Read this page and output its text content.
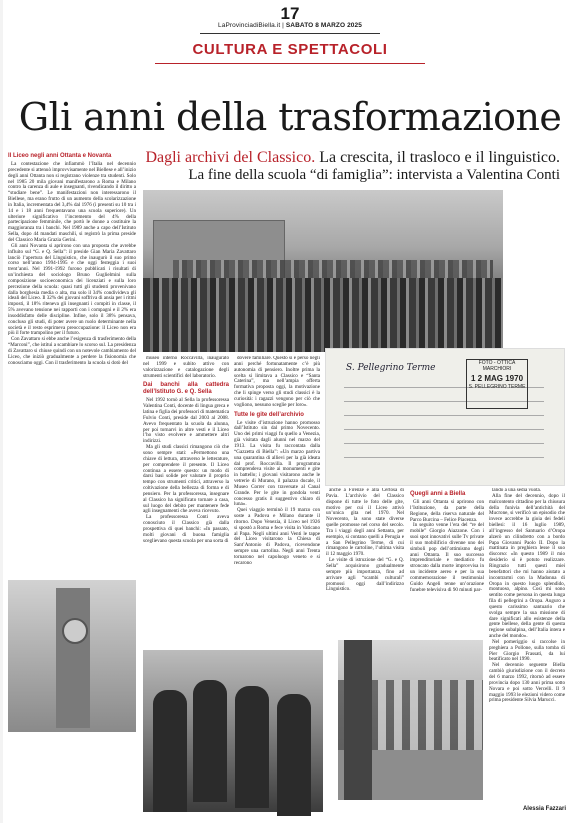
17
LaProvinciadiBiella.it | SABATO 8 MARZO 2025
CULTURA E SPETTACOLI
Gli anni della trasformazione
Dagli archivi del Classico. La crescita, il trasloco e il linguistico.
La fine della scuola “di famiglia”: intervista a Valentina Conti
Il Liceo negli anni Ottanta e Novanta

La contestazione che infiammò l’Italia nel decennio precedente si attenuò improvvisamente nel Biellese e all’inizio degli anni Ottanta non si registrano violenze tra studenti. Solo nel 1985 20 mila giovani manifestarono a Roma e Milano contro la carenza di aule e insegnanti, rivendicando il diritto a “studiare bene”. Le manifestazioni non interessarono il Biellese, ma erano frutto di un aumento della scolarizzazione in Italia, incrementata del 3,4% dal 1976 (i presenti su 10 tra i 14 e i 18 anni frequentavano una scuola superiore). Un ulteriore significativo l’incremento del 4% della partecipazione femminile, che portò le donne a costituire la maggioranza tra i banchi. Nel 1989 anche a capo dell’Istituto Sella, dopo 44 mandati maschili, si registrò la prima preside del Classico Maria Grazia Gerini.

Gli anni Novanta si aprirono con una proposta che avrebbe influito sul “G. e Q. Sella”: il preside Gian Maria Zavattaro lanciò l’apertura del Linguistico, che inaugurò il suo primo corso nell’anno 1994-1995 e che oggi festeggia i suoi trent’anni. Nel 1991-1992 furono pubblicati i risultati di un’inchiesta del sociologo Bruno Guglielmini sulla composizione socioeconomica dei licenziati e sulla loro percezione della scuola: quasi tutti gli studenti provenivano dalla borghesia media o alta, ma solo il 34% condivideva gli ideali del Liceo. Il 32% dei giovani soffriva di ansia per i ritmi imposti, il 18% riteneva gli insegnanti i compiti in classe, il 5% avevano tensione nei rapporti con i compagni e il 2% era insoddisfatto delle discipline. Infine, solo il 38% pensava, concluso gli studi, di poter avere un ruolo determinante nella società e il resto esprimeva preoccupazione: il Liceo non era più il forte trampolino per il futuro.

Con Zavattaro si ebbe anche l’esigenza di trasferimento della “Marconi”, che istituì a scambiare lo scorso sul. La presidenza di Zavattaro si chiuse quindi con un notevole cambiamento del Liceo, che iniziò gradualmente a perdere la fisionomia che conosciamo oggi. Con il trasferimento la scuola si dotò del

museo interno Roccavilla, inaugurato nel 1999 e subito attivo con valorizzazione e catalogazione degli strumenti scientifici del laboratorio.

Dai banchi alla cattedra dell’Istituto G. e Q. Sella

Nel 1992 tornò al Sella la professoressa Valentina Conti, docente di lingua greca e latina e figlia dei professori di matematica Fulvio Conti, preside dal 2003 al 2008. Avevo frequentato la scuola da alunna, per poi tornarvi in altre vesti e il Liceo l’ho visto evolvere e ammettere altri indirizzi.

Ma gli studi classici rimangono ciò che sono sempre stati: «Permettono una chiave di lettura, attraverso le letterature, per comprendere il presente. Il Liceo continua a essere questo: un modo di darsi basi solide per valutare il proprio tempo con strumenti critici, attraverso la coltivazione della bellezza di forma e di pensiero. Per la professoressa, insegnare al Classico ha significato tornare a casa, sul luogo del debito per mantenere fede agli insegnamenti che aveva ricevuto.

La professoressa Conti aveva conosciuto il Classico già dalla prospettiva di quei banchi: «In passato, molti giovani di buona famiglia sceglievano questa scuola per una sorta di

dovere familiare. Questo si è perso negli anni perché fortunatamente c’è più autonomia di pensiero. Inoltre prima la scelta si limitava a Classico e “Santa Caterina”, ma nell’ampia offerta formativa proposta oggi, la motivazione che li spinge verso gli studi classici è la curiosità: i ragazzi vengono per ciò che vogliono, nessuno sceglie per loro».

Tutte le gite dell’archivio

Le visite d’istruzione hanno promosso dall’Istituto sin dal primo Novecento. Uno dei primi viaggi fu quello a Venezia, già visitata dagli alunni nel marzo del 1913. La visita fu raccontata dalla “Gazzetta di Biella”: «Un marzo partiva una quarantina di allievi per la già ideata dal prof. Roccavilla. Il programma comprendeva visite ai monumenti e gite in battello; i giovani visitarono anche le vetrerie di Murano, il palazzo ducale, il Museo Correr con traversate al Canal Grande. Per le gite in gondola venti concesso gratis il suggestivo chiaro di luna».

Quei viaggio terminò il 19 marzo con soste a Padova e Milano durante il ritorno. Dopo Venezia, il Liceo nel 1926 si spostò a Roma e fece visita in Vaticano al Papa. Negli ultimi anni Venti le tappe del Liceo visitarono la Chiesa di Sant’Antonio di Padova, ricevendone sempre una cartolina. Negli anni Trenta tornarono nel capoluogo veneto e si recarono

S. Pellegrino Terme	FOTO - OTTICA
MARCHIORI
1 2 MAG 1970
S. PELLEGRINO TERME

anche a Firenze e alla Certosa di Pavia. L’archivio del Classico dispone di tutte le foto delle gite, motivo per cui il Liceo attivò un’unica gita nel 1970. Nel Novecento, la sono state diverse quelle promosse nel corso del secolo. Tra i viaggi degli anni Settanta, per esempio, si contano quelli a Perugia e a San Pellegrino Terme, di cui rimangono le cartoline, l’ultima visita il 12 maggio 1970.

Le visite di istruzione del “G. e Q. Sella” acquisirono gradualmente sempre più importanza, fino ad arrivare agli “scambi culturali” promossi oggi dall’indirizzo Linguistico.

Quegli anni a Biella

Gli anni Ottanta si aprirono con l’Istituzione, da parte della Regione, della riserva naturale del Parco Burcina – Felice Piacenza.

In seguito venne l’era del “re del mobile” Giorgio Aiazzone. Con i suoi spot innovativi sulle Tv private il suo mobilificio divenne uno dei simboli pop dell’ottimismo degli anni Ottanta. Il suo successo imprenditoriale e mediatico fu stroncato dalla morte improvvisa in un incidente aereo e per la sua commemorazione il testimonial Guido Angeli tenne un’orazione funebre televisiva di 90 minuti par-

lando a una sedia vuota.

Alla fine del decennio, dopo il malcontento cittadino per la chiusura della funivia dell’antichità del Mucrone, si verificò un episodio che invece accrebbe la gioia dei fedeli biellesi: il 16 luglio 1989, all’ingresso del Santuario d’Oropa alzerò un cilindretto con a bordo Papa Giovanni Paolo II. Dopo la mattinata in preghiera lesse il suo discorso: «In questo 1989 il mio desiderio si è potuto realizzare. Ringrazio tutti questi miei benefattori che mi hanno aiutato a incontrarmi con la Madonna di Oropa in questo luogo splendido, montuoso, alpino. Così mi sono sentito come persona in questa lunga fila di pellegrini a Oropa. Auguro a questo carissimo santuario che svolga sempre la sua missione di dare significati allo esistenze della gente biellese, della gente di questa regione subalpina, dell’Italia intera e anche del mondo».

Nel pomeriggio si raccolse in preghiera a Pollone, sulla tomba di Pier Giorgio Frassati, da lui beatificato nel 1990.

Nel decennio seguente Biella cambiò giurisdizione con il decreto del 6 marzo 1992, ritornò ad essere provincia dopo 130 anni prima sotto Novara e poi sotto Vercelli. Il 9 maggio 1993 le elezioni videro come prima presidente Silvia Marucci.

Alessia Fazzari
